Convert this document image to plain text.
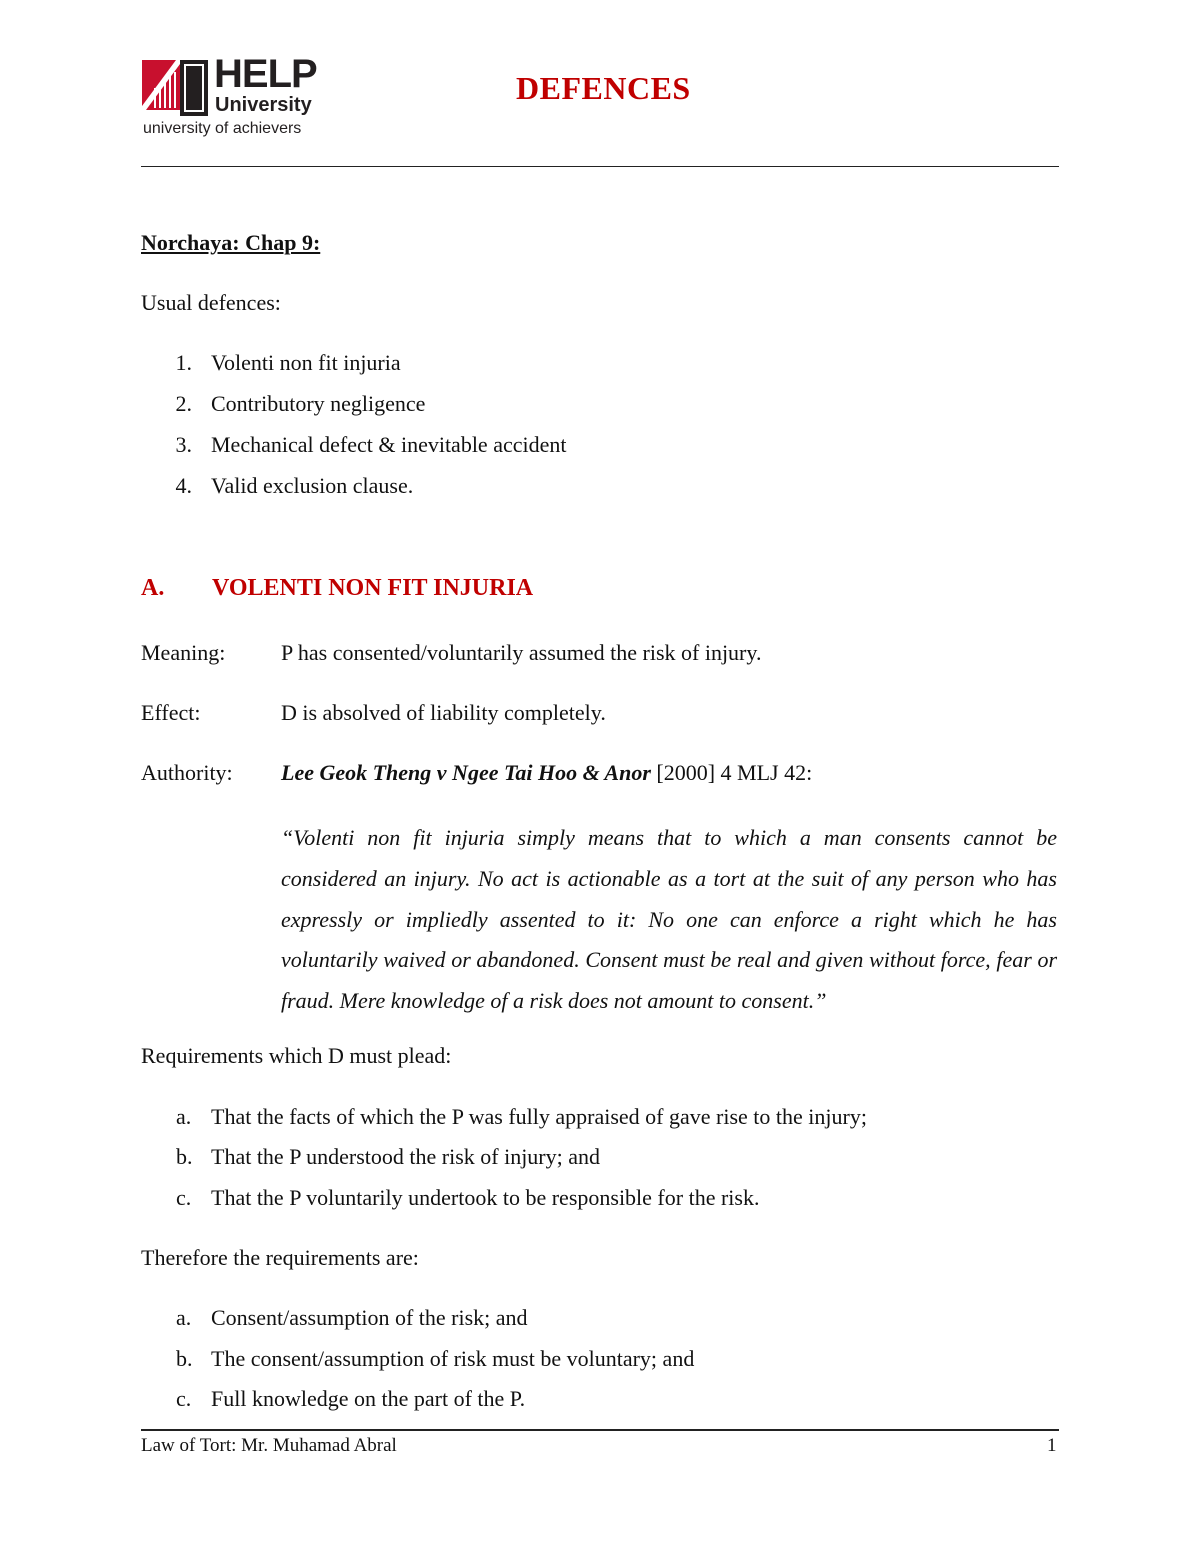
HELP
University
university of achievers
DEFENCES
Norchaya: Chap 9:
Usual defences:
1. Volenti non fit injuria
2. Contributory negligence
3. Mechanical defect & inevitable accident
4. Valid exclusion clause.
A. VOLENTI NON FIT INJURIA
Meaning:	P has consented/voluntarily assumed the risk of injury.
Effect:	D is absolved of liability completely.
Authority: Lee Geok Theng v Ngee Tai Hoo & Anor [2000] 4 MLJ 42:
“Volenti non fit injuria simply means that to which a man consents cannot be considered an injury. No act is actionable as a tort at the suit of any person who has expressly or impliedly assented to it: No one can enforce a right which he has voluntarily waived or abandoned. Consent must be real and given without force, fear or fraud. Mere knowledge of a risk does not amount to consent.”
Requirements which D must plead:
a. That the facts of which the P was fully appraised of gave rise to the injury;
b. That the P understood the risk of injury; and
c. That the P voluntarily undertook to be responsible for the risk.
Therefore the requirements are:
a. Consent/assumption of the risk; and
b. The consent/assumption of risk must be voluntary; and
c. Full knowledge on the part of the P.
Law of Tort: Mr. Muhamad Abral	1
